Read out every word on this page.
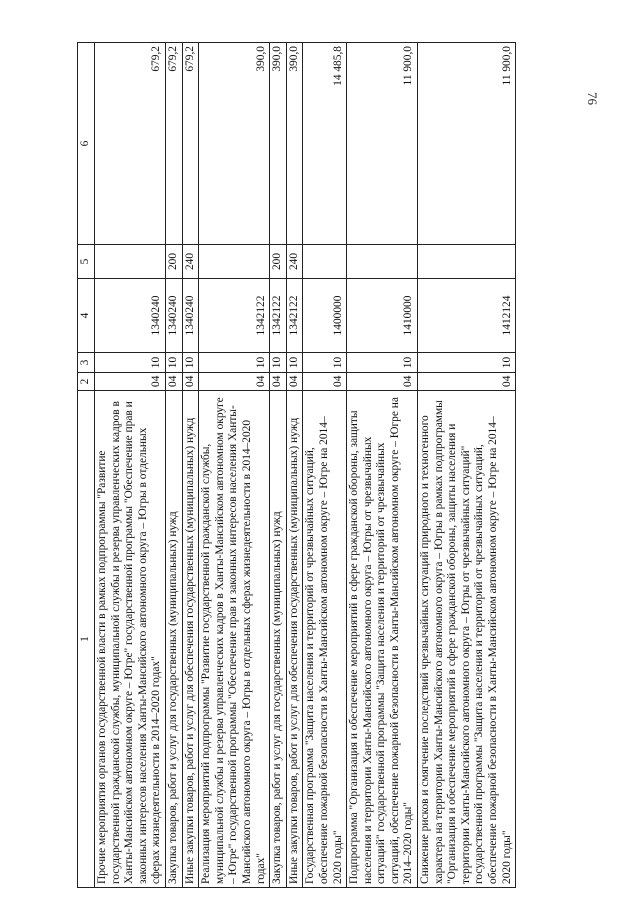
76
1	2	3	4	5	6
Прочие мероприятия органов государственной власти в рамках подпрограммы "Развитие государственной гражданской службы, муниципальной службы и резерва управленческих кадров в Ханты-Мансийском автономном округе – Югре" государственной программы "Обеспечение прав и законных интересов населения Ханты-Мансийского автономного округа – Югры в отдельных сферах жизнедеятельности в 2014–2020 годах"	04	10	1340240		679,2
Закупка товаров, работ и услуг для государственных (муниципальных) нужд	04	10	1340240	200	679,2
Иные закупки товаров, работ и услуг для обеспечения государственных (муниципальных) нужд	04	10	1340240	240	679,2
Реализация мероприятий подпрограммы "Развитие государственной гражданской службы, муниципальной службы и резерва управленческих кадров в Ханты-Мансийском автономном округе – Югре" государственной программы "Обеспечение прав и законных интересов населения Ханты-Мансийского автономного округа – Югры в отдельных сферах жизнедеятельности в 2014–2020 годах"	04	10	1342122		390,0
Закупка товаров, работ и услуг для государственных (муниципальных) нужд	04	10	1342122	200	390,0
Иные закупки товаров, работ и услуг для обеспечения государственных (муниципальных) нужд	04	10	1342122	240	390,0
Государственная программа "Защита населения и территорий от чрезвычайных ситуаций, обеспечение пожарной безопасности в Ханты-Мансийском автономном округе – Югре на 2014–2020 годы"	04	10	1400000		14 485,8
Подпрограмма "Организация и обеспечение мероприятий в сфере гражданской обороны, защиты населения и территории Ханты-Мансийского автономного округа – Югры от чрезвычайных ситуаций" государственной программы "Защита населения и территорий от чрезвычайных ситуаций, обеспечение пожарной безопасности в Ханты-Мансийском автономном округе – Югре на 2014–2020 годы"	04	10	1410000		11 900,0
Снижение рисков и смягчение последствий чрезвычайных ситуаций природного и техногенного характера на территории Ханты-Мансийского автономного округа – Югры в рамках подпрограммы "Организация и обеспечение мероприятий в сфере гражданской обороны, защиты населения и территории Ханты-Мансийского автономного округа – Югры от чрезвычайных ситуаций" государственной программы "Защита населения и территорий от чрезвычайных ситуаций, обеспечение пожарной безопасности в Ханты-Мансийском автономном округе – Югре на 2014–2020 годы"	04	10	1412124		11 900,0
